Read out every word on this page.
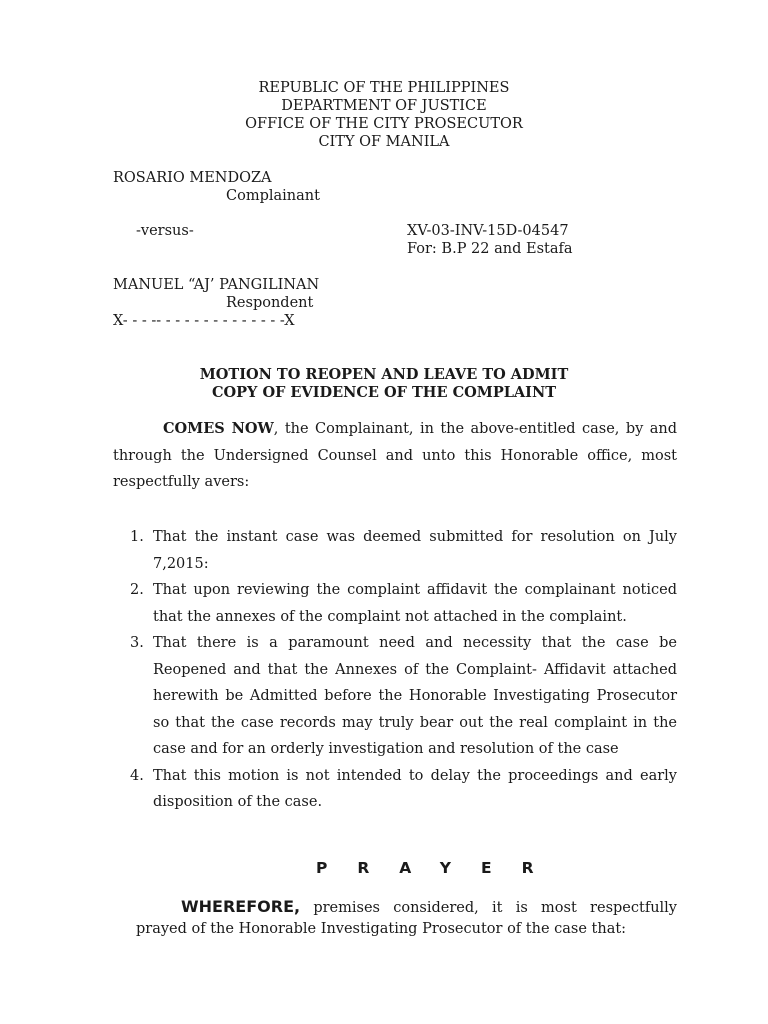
REPUBLIC OF THE PHILIPPINES
DEPARTMENT OF JUSTICE
OFFICE OF THE CITY PROSECUTOR
CITY OF MANILA
ROSARIO MENDOZA
Complainant
-versus-	XV-03-INV-15D-04547
For: B.P 22 and Estafa
MANUEL “AJ’ PANGILINAN
Respondent
X- - - -- - - - - - - - - - - - - -X
MOTION TO REOPEN AND LEAVE TO ADMIT
COPY OF EVIDENCE OF THE COMPLAINT
COMES NOW, the Complainant, in the above-entitled case, by and through the Undersigned Counsel and unto this Honorable office, most respectfully avers:
1. That the instant case was deemed submitted for resolution on July 7,2015:
2. That upon reviewing the complaint affidavit the complainant noticed that the annexes of the complaint not attached in the complaint.
3. That there is a paramount need and necessity that the case be Reopened and that the Annexes of the Complaint- Affidavit attached herewith be Admitted before the Honorable Investigating Prosecutor so that the case records may truly bear out the real complaint in the case and for an orderly investigation and resolution of the case
4. That this motion is not intended to delay the proceedings and early disposition of the case.
PRAYER
WHEREFORE, premises considered, it is most respectfully prayed of the Honorable Investigating Prosecutor of the case that:
